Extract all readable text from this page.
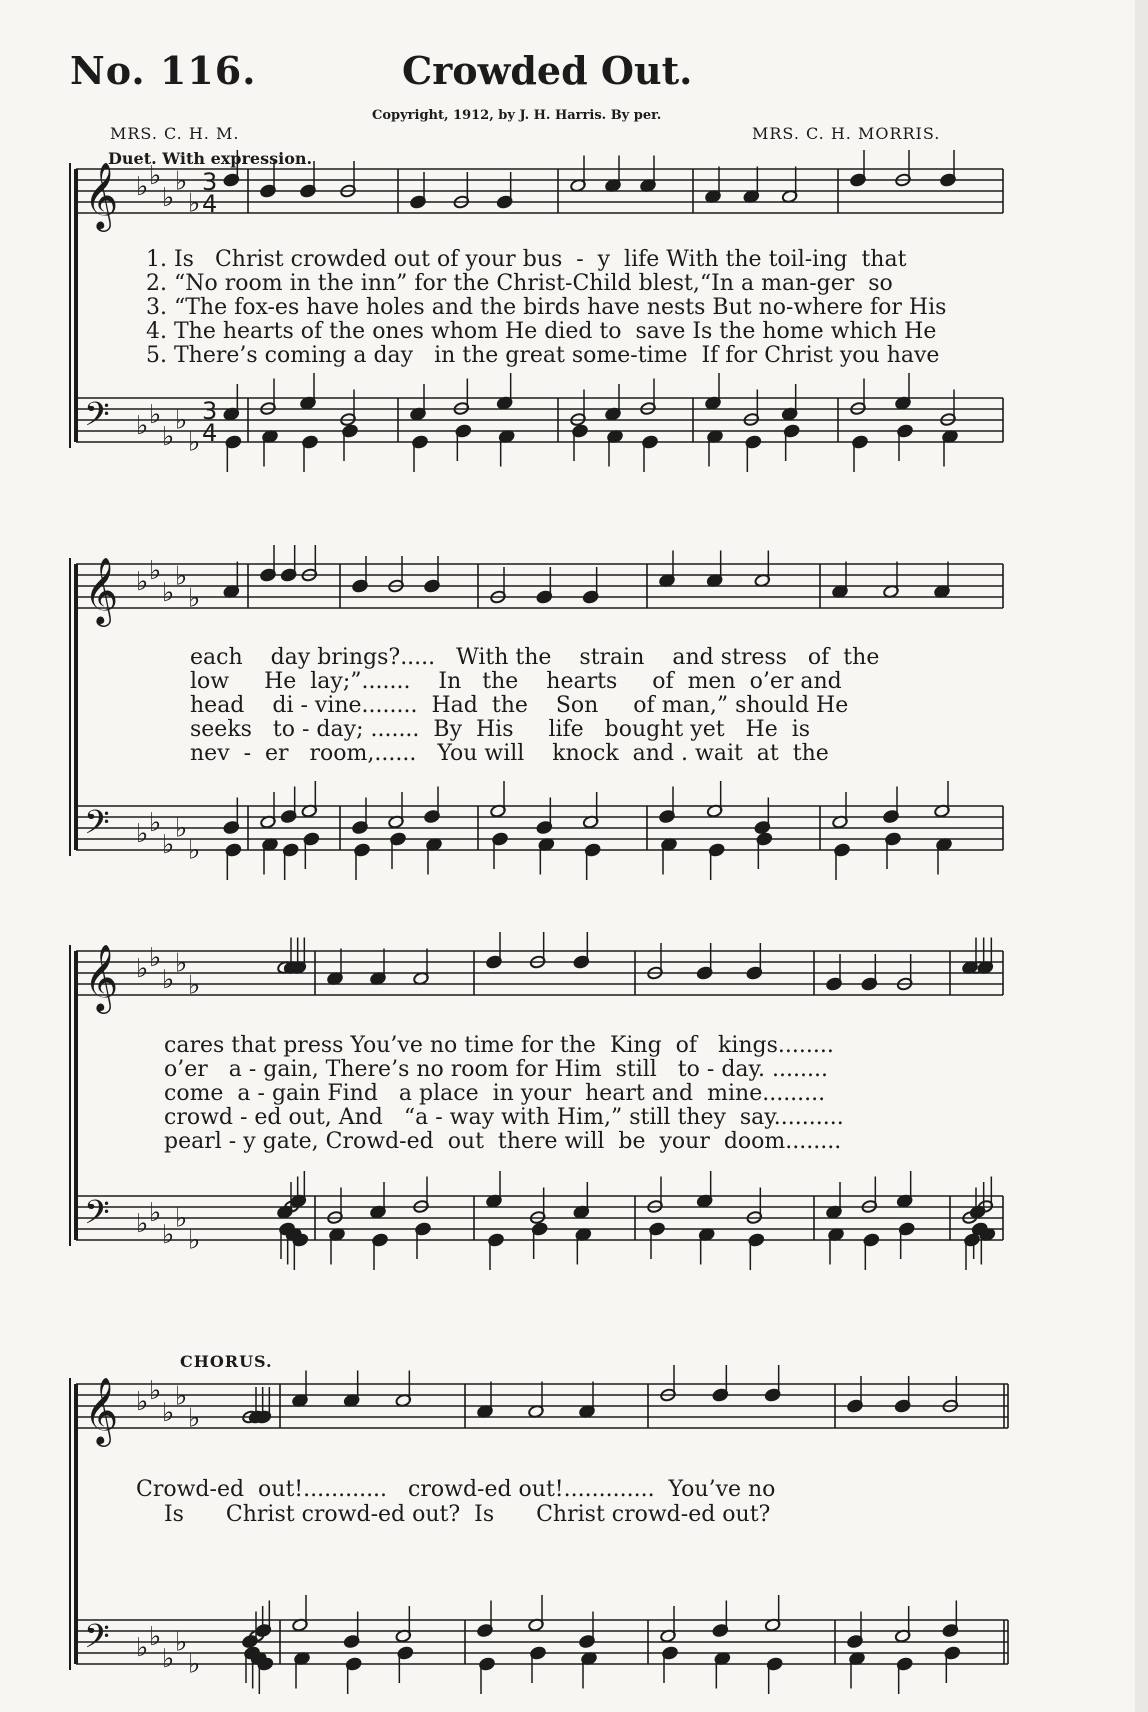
No. 116.	Crowded Out.
Copyright, 1912, by J. H. Harris. By per.
MRS. C. H. M.	MRS. C. H. MORRIS.
Duet. With expression.
CHORUS.
𝄞
𝄢
♭
♭
♭
♭
♭
♭
♭
♭
♭
♭
3
4
3
4
𝄞
𝄢
♭
♭
♭
♭
♭
♭
♭
♭
♭
♭
𝄞
𝄢
♭
♭
♭
♭
♭
♭
♭
♭
♭
♭
𝄞
𝄢
♭
♭
♭
♭
♭
♭
♭
♭
♭
♭
1. Is   Christ crowded out of your bus  -  y  life With the toil-ing  that
2. “No room in the inn” for the Christ-Child blest,“In a man-ger  so
3. “The fox-es have holes and the birds have nests But no-where for His
4. The hearts of the ones whom He died to  save Is the home which He
5. There’s coming a day   in the great some-time  If for Christ you have
each    day brings?.....   With the    strain    and stress   of  the
low     He  lay;”.......    In   the    hearts     of  men  o’er and
head    di - vine........  Had  the    Son     of man,” should He
seeks   to - day; .......  By  His     life   bought yet   He  is
nev  -  er   room,......   You will    knock  and . wait  at  the
cares that press You’ve no time for the  King  of   kings........
o’er   a - gain, There’s no room for Him  still   to - day. ........
come  a - gain Find   a place  in your  heart and  mine.........
crowd - ed out, And   “a - way with Him,” still they  say..........
pearl - y gate, Crowd-ed  out  there will  be  your  doom........
Crowd-ed  out!............   crowd-ed out!.............  You’ve no
Is      Christ crowd-ed out?  Is      Christ crowd-ed out?
